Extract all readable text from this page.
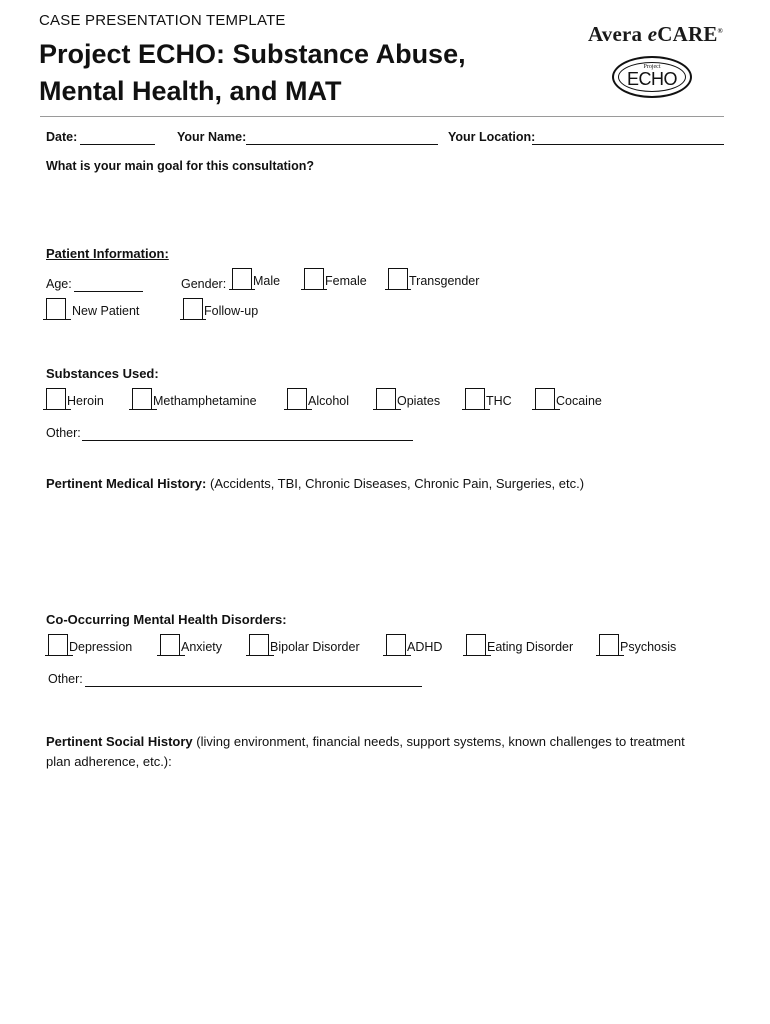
CASE PRESENTATION TEMPLATE
Project ECHO: Substance Abuse,
Mental Health, and MAT
Avera eCARE®
Project
ECHO
Date:	Your Name:	Your Location:
What is your main goal for this consultation?
Patient Information:
Age:	Gender: Male	Female	Transgender
New Patient	Follow-up
Substances Used:
Heroin	Methamphetamine	Alcohol	Opiates	THC	Cocaine
Other:
Pertinent Medical History: (Accidents, TBI, Chronic Diseases, Chronic Pain, Surgeries, etc.)
Co-Occurring Mental Health Disorders:
Depression	Anxiety	Bipolar Disorder	ADHD	Eating Disorder	Psychosis
Other:
Pertinent Social History (living environment, financial needs, support systems, known challenges to treatment
plan adherence, etc.):
